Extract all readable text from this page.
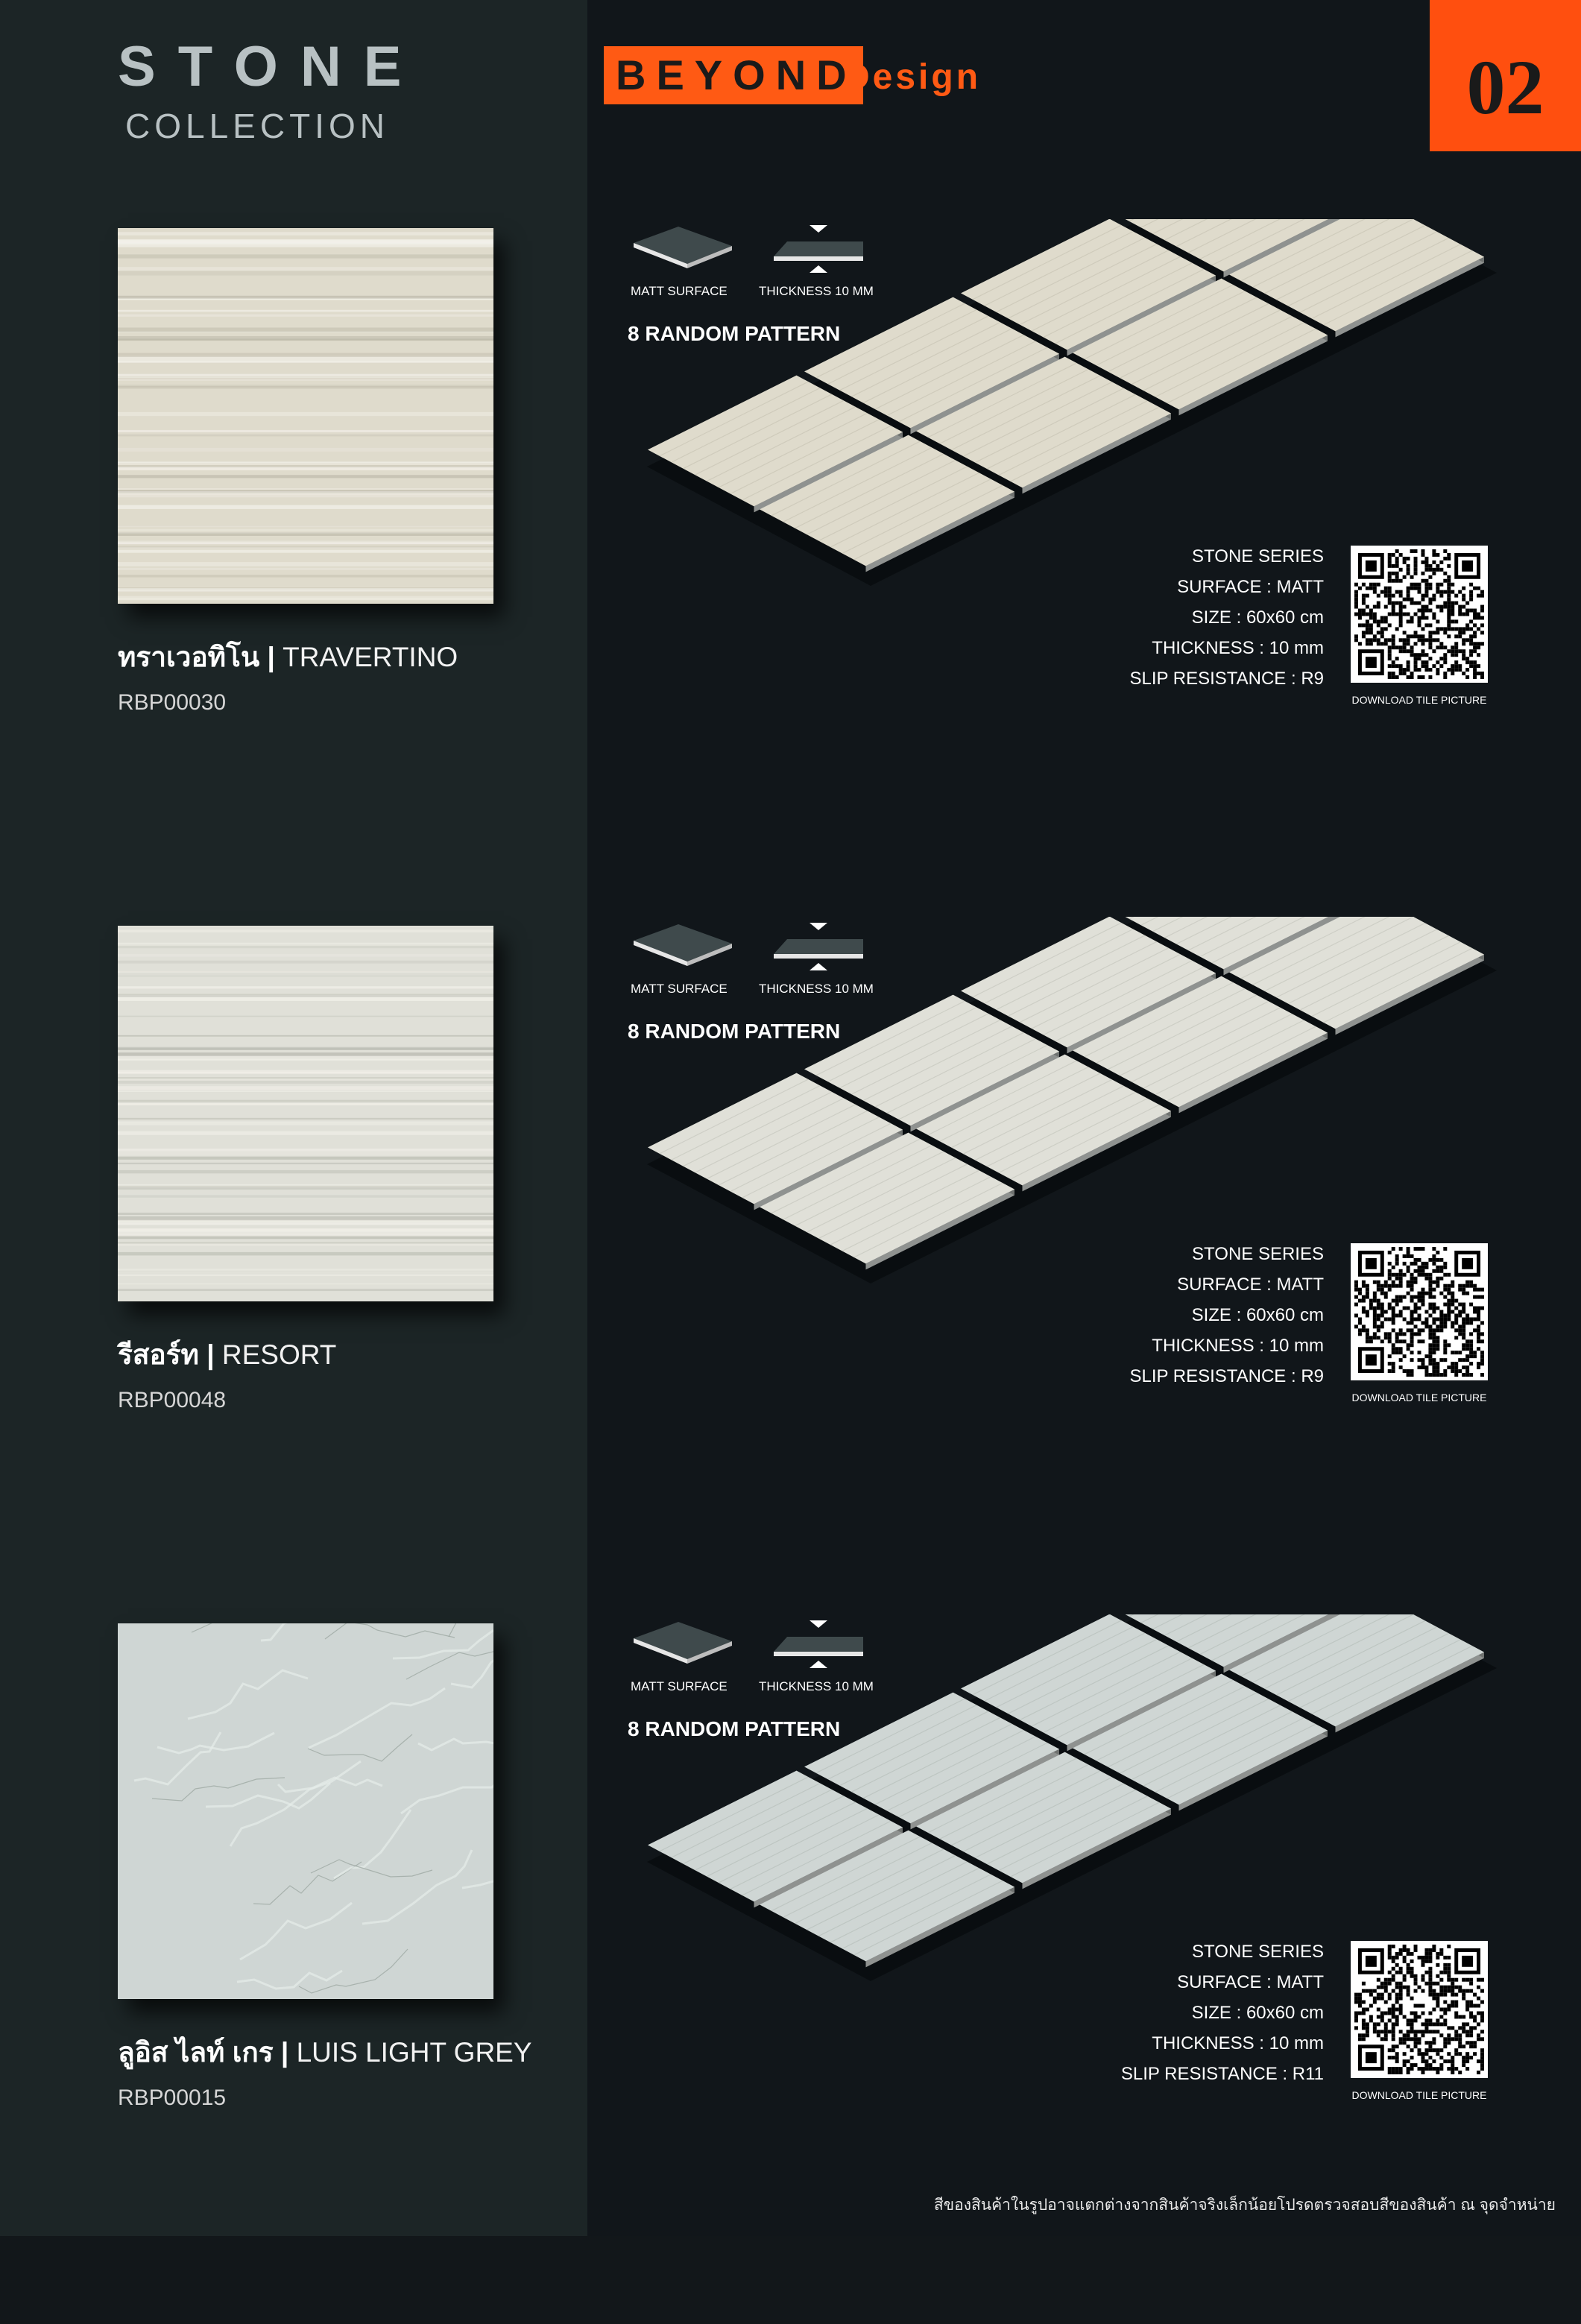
STONE
COLLECTION
BEYOND
Design	02
ทราเวอทิโน | TRAVERTINO
RBP00030
MATT SURFACE THICKNESS 10 MM
8 RANDOM PATTERN
STONE SERIES
SURFACE : MATT
SIZE : 60x60 cm
THICKNESS : 10 mm
SLIP RESISTANCE : R9
DOWNLOAD TILE PICTURE
รีสอร์ท | RESORT
RBP00048
MATT SURFACE THICKNESS 10 MM
8 RANDOM PATTERN
STONE SERIES
SURFACE : MATT
SIZE : 60x60 cm
THICKNESS : 10 mm
SLIP RESISTANCE : R9
DOWNLOAD TILE PICTURE
ลูอิส ไลท์ เกร | LUIS LIGHT GREY
RBP00015
MATT SURFACE THICKNESS 10 MM
8 RANDOM PATTERN
STONE SERIES
SURFACE : MATT
SIZE : 60x60 cm
THICKNESS : 10 mm
SLIP RESISTANCE : R11
DOWNLOAD TILE PICTURE
สีของสินค้าในรูปอาจแตกต่างจากสินค้าจริงเล็กน้อยโปรดตรวจสอบสีของสินค้า ณ จุดจำหน่าย
